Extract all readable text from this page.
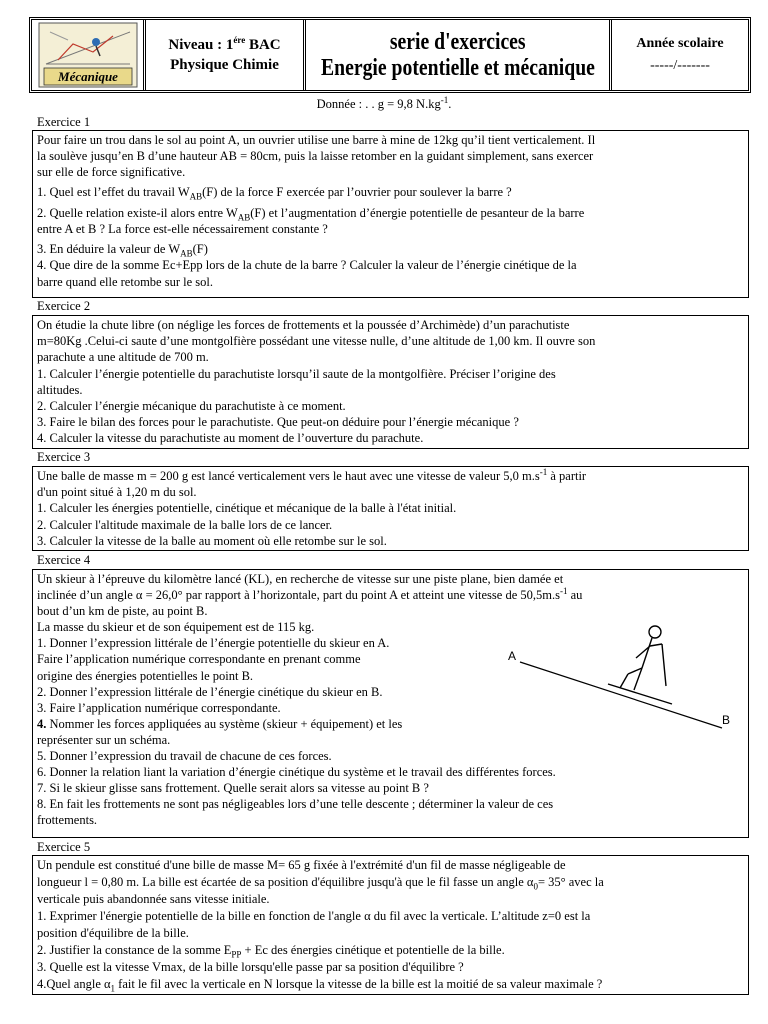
Mécanique
Niveau : $1^{ére}$ BAC
Physique Chimie
serie d'exercices
Energie potentielle et mécanique
Année scolaire
-----/-------
Donnée : . . g = 9,8 $N.kg^{-1}$.
Exercice 1

Pour faire un trou dans le sol au point A, un ouvrier utilise une barre à mine de 12kg qu’il tient verticalement. Il

la soulève jusqu’en B d’une hauteur AB = 80cm, puis la laisse retomber en la guidant simplement, sans exercer

sur elle de force significative.

1. Quel est l’effet du travail $W_{AB}(F)$ de la force F exercée par l’ouvrier pour soulever la barre ?

2. Quelle relation existe-il alors entre $W_{AB}(F)$ et l’augmentation d’énergie potentielle de pesanteur de la barre

entre A et B ? La force est-elle nécessairement constante ?

3. En déduire la valeur de $W_{AB}(F)$

4. Que dire de la somme Ec+Epp lors de la chute de la barre ? Calculer la valeur de l’énergie cinétique de la

barre quand elle retombe sur le sol.

Exercice 2

On étudie la chute libre (on néglige les forces de frottements et la poussée d’Archimède) d’un parachutiste

m=80Kg .Celui-ci saute d’une montgolfière possédant une vitesse nulle, d’une altitude de 1,00 km. Il ouvre son

parachute a une altitude de 700 m.

1. Calculer l’énergie potentielle du parachutiste lorsqu’il saute de la montgolfière. Préciser l’origine des

altitudes.

2. Calculer l’énergie mécanique du parachutiste à ce moment.

3. Faire le bilan des forces pour le parachutiste. Que peut-on déduire pour l’énergie mécanique ?

4. Calculer la vitesse du parachutiste au moment de l’ouverture du parachute.

Exercice 3

Une balle de masse m = 200 g est lancé verticalement vers le haut avec une vitesse de valeur 5,0 $m.s^{-1}$ à partir

d'un point situé à 1,20 m du sol.

1. Calculer les énergies potentielle, cinétique et mécanique de la balle à l'état initial.

2. Calculer l'altitude maximale de la balle lors de ce lancer.

3. Calculer la vitesse de la balle au moment où elle retombe sur le sol.

Exercice 4

Un skieur à l’épreuve du kilomètre lancé (KL), en recherche de vitesse sur une piste plane, bien damée et

inclinée d’un angle α = 26,0° par rapport à l’horizontale, part du point A et atteint une vitesse de $50,5m.s^{-1}$ au

bout d’un km de piste, au point B.

La masse du skieur et de son équipement est de 115 kg.

1. Donner l’expression littérale de l’énergie potentielle du skieur en A.

Faire l’application numérique correspondante en prenant comme

origine des énergies potentielles le point B.

2. Donner l’expression littérale de l’énergie cinétique du skieur en B.

3. Faire l’application numérique correspondante.

4. Nommer les forces appliquées au système (skieur + équipement) et les

représenter sur un schéma.

5. Donner l’expression du travail de chacune de ces forces.

6. Donner la relation liant la variation d’énergie cinétique du système et le travail des différentes forces.

7. Si le skieur glisse sans frottement. Quelle serait alors sa vitesse au point B ?

8. En fait les frottements ne sont pas négligeables lors d’une telle descente ; déterminer la valeur de ces

frottements.

A
B
Exercice 5

Un pendule est constitué d'une bille de masse M= 65 g fixée à l'extrémité d'un fil de masse négligeable de

longueur l = 0,80 m. La bille est écartée de sa position d'équilibre jusqu'à que le fil fasse un angle $\alpha_0= 35^\circ$ avec la

verticale puis abandonnée sans vitesse initiale.

1. Exprimer l'énergie potentielle de la bille en fonction de l'angle α du fil avec la verticale. L’altitude z=0 est la

position d'équilibre de la bille.

2. Justifier la constance de la somme $E_{PP} + Ec$ des énergies cinétique et potentielle de la bille.

3. Quelle est la vitesse Vmax, de la bille lorsqu'elle passe par sa position d'équilibre ?

4.Quel angle $\alpha_1$ fait le fil avec la verticale en N lorsque la vitesse de la bille est la moitié de sa valeur maximale ?
